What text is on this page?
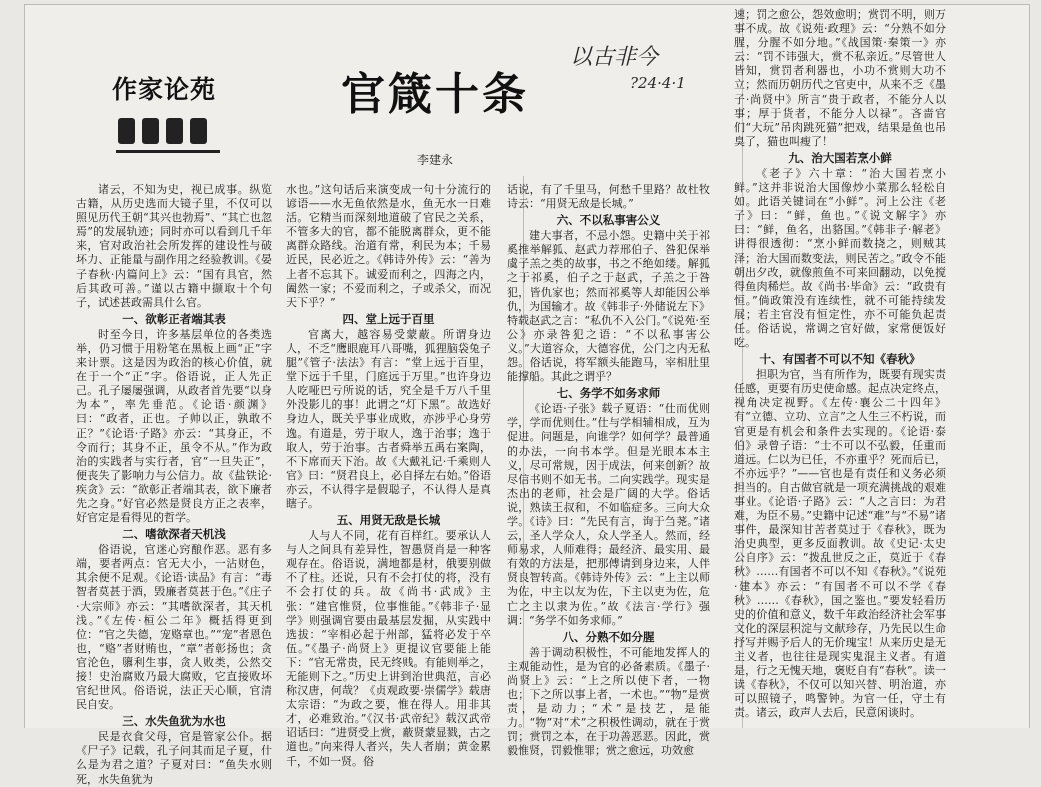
作家论苑	官箴十条
李建永
以古非今
?24·4·1

诸云，不知为史，视已成事。纵览古籍，从历史选而大镜子里，不仅可以照见历代王朝“其兴也勃焉”、“其亡也忽焉”的发展轨迹；同时亦可以看到几千年来，官对政治社会所发挥的建设性与破坏力、正能量与副作用之经验教训。《晏子春秋·内篇问上》云：“国有具官，然后其政可善。”谨以古籍中撷取十个句子，试述甚政需具什么官。

一、欲彰正者端其表

时至今日，许多基层单位的各类选举，仍习惯于用粉笔在黑板上画“正”字来计票。这是因为政治的核心价值，就在于一个“正”字。俗语说，正人先正己。孔子屡屡强调，从政者首先要“以身为本”，率先垂范。《论语·颜渊》曰：“政者，正也。子帅以正，孰敢不正？”《论语·子路》亦云：“其身正，不令而行；其身不正，虽令不从。”作为政治的实践者与实行者，官“一旦失正”，便丧失了影响力与公信力。故《盐铁论·疾贪》云：“欲彰正者端其表，欲下廉者先之身。”好官必然是贤良方正之表率，好官定是看得见的哲学。

二、嗜欲深者天机浅

俗语说，官迷心窍酿作恶。恶有多端，要者两点：官无大小，一沾财色，其余便不足观。《论语·读品》有言：“毒智者莫甚于酒，毁廉者莫甚于色。”《庄子·大宗师》亦云：“其嗜欲深者，其天机浅。”《左传·桓公二年》概括得更到位：“官之失德，宠赂章也。”“宠”者恩色也，“赂”者财贿也，“章”者彰扬也；贪官沦色，隳利生事，贪人败类，公然交接！史治腐败乃最大腐败，它直接败坏官纪世风。俗语说，法正天心顺，官清民自安。

三、水失鱼犹为水也

民是衣食父母，官是管家公仆。据《尸子》记载，孔子问其而足子夏，什么是为君之道？子夏对曰：“鱼失水则死，水失鱼犹为

水也。”这句话后来演变成一句十分流行的谚语——水无鱼依然是水，鱼无水一日难活。它精当而深刻地道破了官民之关系，不管多大的官，都不能脱离群众，更不能离群众路线。治道有常，利民为本；千易近民，民必近之。《韩诗外传》云：“善为上者不忘其下。诚爱而利之，四海之内，阖然一家；不爱而利之，子或杀父，而况天下乎？”

四、堂上远于百里

官离大，越容易受蒙蔽。所谓身边人，不乏“鹰眼鹿耳八哥嘴，狐狸脑袋兔子腿”《管子·法法》有言：“堂上远于百里，堂下远于千里，门庭远于万里。”也许身边人吃哑巴亏所说的话，究全是千万八千里外没影儿的事！此谓之“灯下黑”。故选好身边人，既关乎事业成败，亦涉乎心身劳逸。有道是，劳于取人，逸于治事；逸于取人，劳于治事。古者舜举五禹右案陶，不下席而天下治。故《大戴礼记·千乘则人官》曰：“贤君良上，必自择左右始。”俗语亦云，不认得字是假聪子，不认得人是真瞎子。

五、用贤无敌是长城

人与人不同，花有百样红。要承认人与人之间具有差异性，智愚贤肖是一种客观存在。俗语说，满地都是材，俄要别做不了柱。还说，只有不会打仗的将，没有不会打仗的兵。故《尚书·武成》主张：“建官惟贤，位事惟能。”《韩非子·显学》则强调官要由最基层发掘，从实践中选拔：“宰相必起于州部，猛将必发于卒伍。”《墨子·尚贤上》更提议官要能上能下：“官无常贵，民无终贱。有能则举之，无能则下之。”历史上讲到治世典范，言必称汉唐，何哉？《贞观政要·崇儒学》载唐太宗语：“为政之要，惟在得人。用非其才，必难致治。”《汉书·武帝纪》载汉武帝诏话曰：“进贤受上赏，蔽贤蒙显戮，古之道也。”向来得人者兴，失人者崩；黄金累千，不如一贤。俗

话说，有了千里马，何愁千里路？故杜牧诗云：“用贤无敌是长城。”

六、不以私事害公义

建大事者，不忌小怨。史籍中关于祁奚推举解狐、赵武力荐邢伯子、咎犯保举虞子羔之类的故事，书之不绝如缕。解狐之于祁奚，伯子之于赵武，子羔之于咎犯，皆仇家也；然而祁奚等人却能因公举仇，为国输才。故《韩非子·外储说左下》特载赵武之言：“私仇不入公门。”《说苑·至公》亦录咎犯之语：“不以私事害公义。”大道容众，大德容优，公门之内无私怨。俗话说，将军额头能跑马，宰相肚里能撑船。其此之谓乎？

七、务学不如务求师

《论语·子张》载子夏语：“仕而优则学，学而优则仕。”仕与学相辅相成，互为促进。问题是，向谁学？如何学？最普通的办法，一向书本学。但是光眼本本主义，尽可常规，因于成法，何来创新？故尽信书则不如无书。二向实践学。现实是杰出的老师，社会是广阔的大学。俗话说，熟读王叔和，不如临症多。三向大众学。《诗》曰：“先民有言，询于刍荛。”诸云，圣人学众人，众人学圣人。然而，经师易求，人师难得；最经济、最实用、最有效的方法是，把那傅请到身边来，人伴贤良智转高。《韩诗外传》云：“上主以师为佐，中主以友为佐，下主以吏为佐，危亡之主以隶为佐。”故《法言·学行》强调：“务学不如务求师。”

八、分熟不如分腥

善于调动积极性，不可能地发挥人的主观能动性，是为官的必备素质。《墨子·尚贤上》云：“上之所以使下者，一物也；下之所以事上者，一术也。”“物”是赏责，是动力；“术”是技艺，是能力。“物”对“术”之积极性调动，就在于赏罚；赏罚之本，在于功善恶恶。因此，赏毅惟贤，罚毅惟罪；赏之愈远，功效愈

速；罚之愈公，怨效愈明；赏罚不明，则万事不成。故《说苑·政理》云：“分熟不如分腥，分腥不如分地。”《战国策·秦策一》亦云：“罚不讳强大，赏不私亲近。”尽管世人皆知，赏罚者利器也，小功不赏则大功不立；然而历朝历代之官吏中，从来不乏《墨子·尚贤中》所言“贵于政者，不能分人以事；厚于货者，不能分人以禄”。吝啬官们“大玩”吊肉跳死猫”把戏，结果是鱼也吊臭了，猫也叫瘦了！

九、治大国若烹小鲜

《老子》六十章：“治大国若烹小鲜。”这并非说治大国像炒小菜那么轻松自如。此语关键词在“小鲜”。河上公注《老子》曰：“鲜，鱼也。”《说文解字》亦曰：“鲜，鱼名，出貉国。”《韩非子·解老》讲得很透彻：“烹小鲜而数挠之，则贼其泽；治大国而数变法，则民苦之。”政令不能朝出夕改，就像煎鱼不可来回翻动，以免搅得鱼肉稀烂。故《尚书·毕命》云：“政贵有恒。”倘政策没有连续性，就不可能持续发展；若主官没有恒定性，亦不可能负起责任。俗话说，常调之官好做，家常便饭好吃。

十、有国者不可以不知《春秋》

担职为官，当有所作为，既要有现实责任感，更要有历史使命感。起点决定终点，视角决定视野。《左传·襄公二十四年》有“立德、立功、立言”之人生三不朽说，而官更是有机会和条件去实现的。《论语·泰伯》录曾子语：“士不可以不弘毅，任重而道远。仁以为已任，不亦重乎？死而后已，不亦远乎？”——官也是有责任和义务必须担当的。自古做官就是一项充满挑战的艰难事业。《论语·子路》云：“人之言曰：为君难，为臣不易。”史籍中记述“难”与“不易”诸事件，最深知甘苦者莫过于《春秋》，既为治史典型，更多反面教训。故《史记·太史公自序》云：“拨乱世反之正，莫近于《春秋》……有国者不可以不知《春秋》。”《说苑·建本》亦云：“有国者不可以不学《春秋》……《春秋》，国之鉴也。”要发轻看历史的价值和意义，数千年政治经济社会军事文化的深层积淀与文献珍存，乃先民以生命抒写并赐予后人的无价瑰宝！从来历史是无主义者，也往往是现实鬼混主义者。有道是，行之无愧天地，褒贬自有“春秋”。读一读《春秋》，不仅可以知兴替、明治道，亦可以照镜子，鸣警钟。为官一任，守土有责。诸云，政声人去后，民意闲谈时。
